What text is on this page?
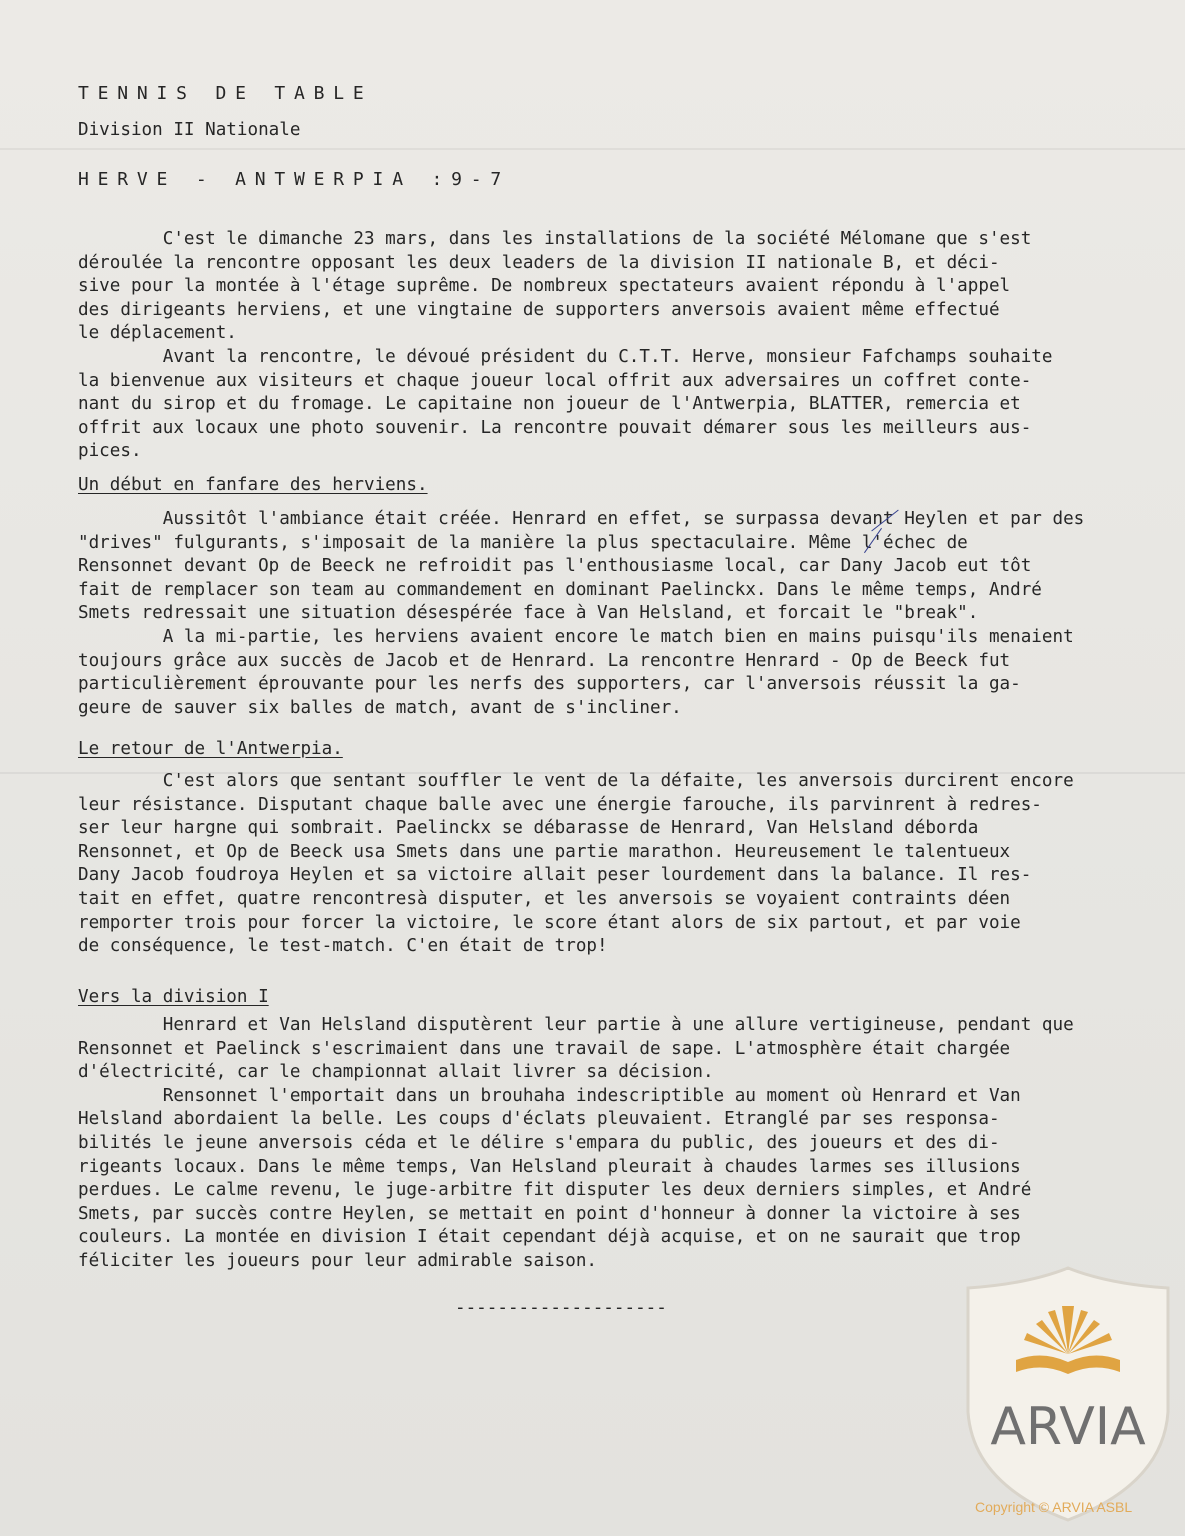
TENNIS DE TABLE

Division II Nationale

HERVE - ANTWERPIA :9-7

C'est le dimanche 23 mars, dans les installations de la société Mélomane que s'est
déroulée la rencontre opposant les deux leaders de la division II nationale B, et déci-
sive pour la montée à l'étage suprême. De nombreux spectateurs avaient répondu à l'appel
des dirigeants herviens, et une vingtaine de supporters anversois avaient même effectué
le déplacement.
Avant la rencontre, le dévoué président du C.T.T. Herve, monsieur Fafchamps souhaite
la bienvenue aux visiteurs et chaque joueur local offrit aux adversaires un coffret conte-
nant du sirop et du fromage. Le capitaine non joueur de l'Antwerpia, BLATTER, remercia et
offrit aux locaux une photo souvenir. La rencontre pouvait démarer sous les meilleurs aus-
pices.

Un début en fanfare des herviens.

Aussitôt l'ambiance était créée. Henrard en effet, se surpassa devant Heylen et par des
"drives" fulgurants, s'imposait de la manière la plus spectaculaire. Même l'échec de
Rensonnet devant Op de Beeck ne refroidit pas l'enthousiasme local, car Dany Jacob eut tôt
fait de remplacer son team au commandement en dominant Paelinckx. Dans le même temps, André
Smets redressait une situation désespérée face à Van Helsland, et forcait le "break".
A la mi-partie, les herviens avaient encore le match bien en mains puisqu'ils menaient
toujours grâce aux succès de Jacob et de Henrard. La rencontre Henrard - Op de Beeck fut
particulièrement éprouvante pour les nerfs des supporters, car l'anversois réussit la ga-
geure de sauver six balles de match, avant de s'incliner.

Le retour de l'Antwerpia.

C'est alors que sentant souffler le vent de la défaite, les anversois durcirent encore
leur résistance. Disputant chaque balle avec une énergie farouche, ils parvinrent à redres-
ser leur hargne qui sombrait. Paelinckx se débarasse de Henrard, Van Helsland déborda
Rensonnet, et Op de Beeck usa Smets dans une partie marathon. Heureusement le talentueux
Dany Jacob foudroya Heylen et sa victoire allait peser lourdement dans la balance. Il res-
tait en effet, quatre rencontresà disputer, et les anversois se voyaient contraints déen
remporter trois pour forcer la victoire, le score étant alors de six partout, et par voie
de conséquence, le test-match. C'en était de trop!

Vers la division I

Henrard et Van Helsland disputèrent leur partie à une allure vertigineuse, pendant que
Rensonnet et Paelinck s'escrimaient dans une travail de sape. L'atmosphère était chargée
d'électricité, car le championnat allait livrer sa décision.
Rensonnet l'emportait dans un brouhaha indescriptible au moment où Henrard et Van
Helsland abordaient la belle. Les coups d'éclats pleuvaient. Etranglé par ses responsa-
bilités le jeune anversois céda et le délire s'empara du public, des joueurs et des di-
rigeants locaux. Dans le même temps, Van Helsland pleurait à chaudes larmes ses illusions
perdues. Le calme revenu, le juge-arbitre fit disputer les deux derniers simples, et André
Smets, par succès contre Heylen, se mettait en point d'honneur à donner la victoire à ses
couleurs. La montée en division I était cependant déjà acquise, et on ne saurait que trop
féliciter les joueurs pour leur admirable saison.
--------------------
ARVIA
Copyright © ARVIA ASBL
